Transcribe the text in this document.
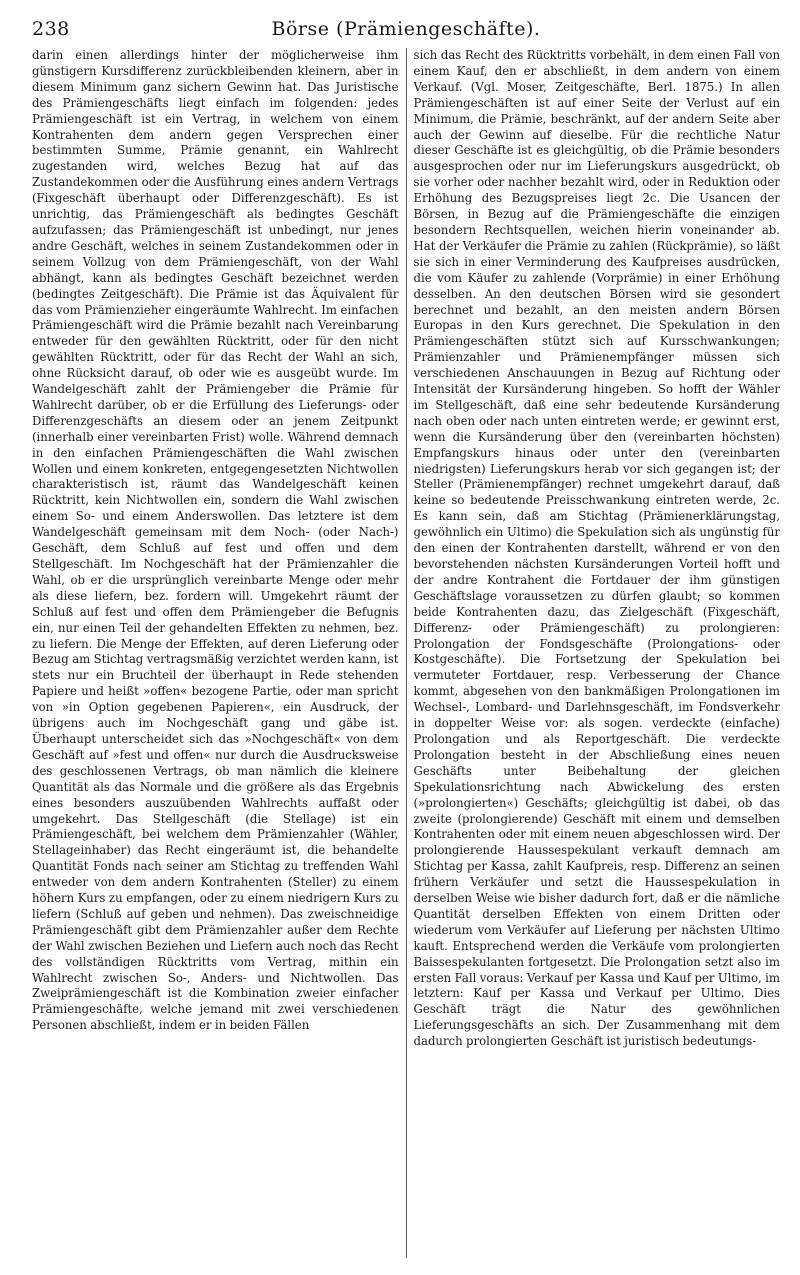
238	Börse (Prämiengeschäfte).

darin einen allerdings hinter der möglicherweise ihm günstigern Kursdifferenz zurückbleibenden kleinern, aber in diesem Minimum ganz sichern Gewinn hat. Das Juristische des Prämiengeschäfts liegt einfach im folgenden: jedes Prämiengeschäft ist ein Vertrag, in welchem von einem Kontrahenten dem andern gegen Versprechen einer bestimmten Summe, Prämie genannt, ein Wahlrecht zugestanden wird, welches Bezug hat auf das Zustandekommen oder die Ausführung eines andern Vertrags (Fixgeschäft überhaupt oder Differenzgeschäft). Es ist unrichtig, das Prämiengeschäft als bedingtes Geschäft aufzufassen; das Prämiengeschäft ist unbedingt, nur jenes andre Geschäft, welches in seinem Zustandekommen oder in seinem Vollzug von dem Prämiengeschäft, von der Wahl abhängt, kann als bedingtes Geschäft bezeichnet werden (bedingtes Zeitgeschäft). Die Prämie ist das Äquivalent für das vom Prämienzieher eingeräumte Wahlrecht. Im einfachen Prämiengeschäft wird die Prämie bezahlt nach Vereinbarung entweder für den gewählten Rücktritt, oder für den nicht gewählten Rücktritt, oder für das Recht der Wahl an sich, ohne Rücksicht darauf, ob oder wie es ausgeübt wurde. Im Wandelgeschäft zahlt der Prämiengeber die Prämie für Wahlrecht darüber, ob er die Erfüllung des Lieferungs- oder Differenzgeschäfts an diesem oder an jenem Zeitpunkt (innerhalb einer vereinbarten Frist) wolle. Während demnach in den einfachen Prämiengeschäften die Wahl zwischen Wollen und einem konkreten, entgegengesetzten Nichtwollen charakteristisch ist, räumt das Wandelgeschäft keinen Rücktritt, kein Nichtwollen ein, sondern die Wahl zwischen einem So- und einem Anderswollen. Das letztere ist dem Wandelgeschäft gemeinsam mit dem Noch- (oder Nach-) Geschäft, dem Schluß auf fest und offen und dem Stellgeschäft. Im Nochgeschäft hat der Prämienzahler die Wahl, ob er die ursprünglich vereinbarte Menge oder mehr als diese liefern, bez. fordern will. Umgekehrt räumt der Schluß auf fest und offen dem Prämiengeber die Befugnis ein, nur einen Teil der gehandelten Effekten zu nehmen, bez. zu liefern. Die Menge der Effekten, auf deren Lieferung oder Bezug am Stichtag vertragsmäßig verzichtet werden kann, ist stets nur ein Bruchteil der überhaupt in Rede stehenden Papiere und heißt »offen« bezogene Partie, oder man spricht von »in Option gegebenen Papieren«, ein Ausdruck, der übrigens auch im Nochgeschäft gang und gäbe ist. Überhaupt unterscheidet sich das »Nochgeschäft« von dem Geschäft auf »fest und offen« nur durch die Ausdrucksweise des geschlossenen Vertrags, ob man nämlich die kleinere Quantität als das Normale und die größere als das Ergebnis eines besonders auszuübenden Wahlrechts auffaßt oder umgekehrt. Das Stellgeschäft (die Stellage) ist ein Prämiengeschäft, bei welchem dem Prämienzahler (Wähler, Stellageinhaber) das Recht eingeräumt ist, die behandelte Quantität Fonds nach seiner am Stichtag zu treffenden Wahl entweder von dem andern Kontrahenten (Steller) zu einem höhern Kurs zu empfangen, oder zu einem niedrigern Kurs zu liefern (Schluß auf geben und nehmen). Das zweischneidige Prämiengeschäft gibt dem Prämienzahler außer dem Rechte der Wahl zwischen Beziehen und Liefern auch noch das Recht des vollständigen Rücktritts vom Vertrag, mithin ein Wahlrecht zwischen So-, Anders- und Nichtwollen. Das Zweiprämiengeschäft ist die Kombination zweier einfacher Prämiengeschäfte, welche jemand mit zwei verschiedenen Personen abschließt, indem er in beiden Fällen

sich das Recht des Rücktritts vorbehält, in dem einen Fall von einem Kauf, den er abschließt, in dem andern von einem Verkauf. (Vgl. Moser, Zeitgeschäfte, Berl. 1875.) In allen Prämiengeschäften ist auf einer Seite der Verlust auf ein Minimum, die Prämie, beschränkt, auf der andern Seite aber auch der Gewinn auf dieselbe. Für die rechtliche Natur dieser Geschäfte ist es gleichgültig, ob die Prämie besonders ausgesprochen oder nur im Lieferungskurs ausgedrückt, ob sie vorher oder nachher bezahlt wird, oder in Reduktion oder Erhöhung des Bezugspreises liegt 2c. Die Usancen der Börsen, in Bezug auf die Prämiengeschäfte die einzigen besondern Rechtsquellen, weichen hierin voneinander ab. Hat der Verkäufer die Prämie zu zahlen (Rückprämie), so läßt sie sich in einer Verminderung des Kaufpreises ausdrücken, die vom Käufer zu zahlende (Vorprämie) in einer Erhöhung desselben. An den deutschen Börsen wird sie gesondert berechnet und bezahlt, an den meisten andern Börsen Europas in den Kurs gerechnet. Die Spekulation in den Prämiengeschäften stützt sich auf Kursschwankungen; Prämienzahler und Prämienempfänger müssen sich verschiedenen Anschauungen in Bezug auf Richtung oder Intensität der Kursänderung hingeben. So hofft der Wähler im Stellgeschäft, daß eine sehr bedeutende Kursänderung nach oben oder nach unten eintreten werde; er gewinnt erst, wenn die Kursänderung über den (vereinbarten höchsten) Empfangskurs hinaus oder unter den (vereinbarten niedrigsten) Lieferungskurs herab vor sich gegangen ist; der Steller (Prämienempfänger) rechnet umgekehrt darauf, daß keine so bedeutende Preisschwankung eintreten werde, 2c. Es kann sein, daß am Stichtag (Prämienerklärungstag, gewöhnlich ein Ultimo) die Spekulation sich als ungünstig für den einen der Kontrahenten darstellt, während er von den bevorstehenden nächsten Kursänderungen Vorteil hofft und der andre Kontrahent die Fortdauer der ihm günstigen Geschäftslage voraussetzen zu dürfen glaubt; so kommen beide Kontrahenten dazu, das Zielgeschäft (Fixgeschäft, Differenz- oder Prämiengeschäft) zu prolongieren: Prolongation der Fondsgeschäfte (Prolongations- oder Kostgeschäfte). Die Fortsetzung der Spekulation bei vermuteter Fortdauer, resp. Verbesserung der Chance kommt, abgesehen von den bankmäßigen Prolongationen im Wechsel-, Lombard- und Darlehnsgeschäft, im Fondsverkehr in doppelter Weise vor: als sogen. verdeckte (einfache) Prolongation und als Reportgeschäft. Die verdeckte Prolongation besteht in der Abschließung eines neuen Geschäfts unter Beibehaltung der gleichen Spekulationsrichtung nach Abwickelung des ersten (»prolongierten«) Geschäfts; gleichgültig ist dabei, ob das zweite (prolongierende) Geschäft mit einem und demselben Kontrahenten oder mit einem neuen abgeschlossen wird. Der prolongierende Haussespekulant verkauft demnach am Stichtag per Kassa, zahlt Kaufpreis, resp. Differenz an seinen frühern Verkäufer und setzt die Haussespekulation in derselben Weise wie bisher dadurch fort, daß er die nämliche Quantität derselben Effekten von einem Dritten oder wiederum vom Verkäufer auf Lieferung per nächsten Ultimo kauft. Entsprechend werden die Verkäufe vom prolongierten Baissespekulanten fortgesetzt. Die Prolongation setzt also im ersten Fall voraus: Verkauf per Kassa und Kauf per Ultimo, im letztern: Kauf per Kassa und Verkauf per Ultimo. Dies Geschäft trägt die Natur des gewöhnlichen Lieferungsgeschäfts an sich. Der Zusammenhang mit dem dadurch prolongierten Geschäft ist juristisch bedeutungs-
